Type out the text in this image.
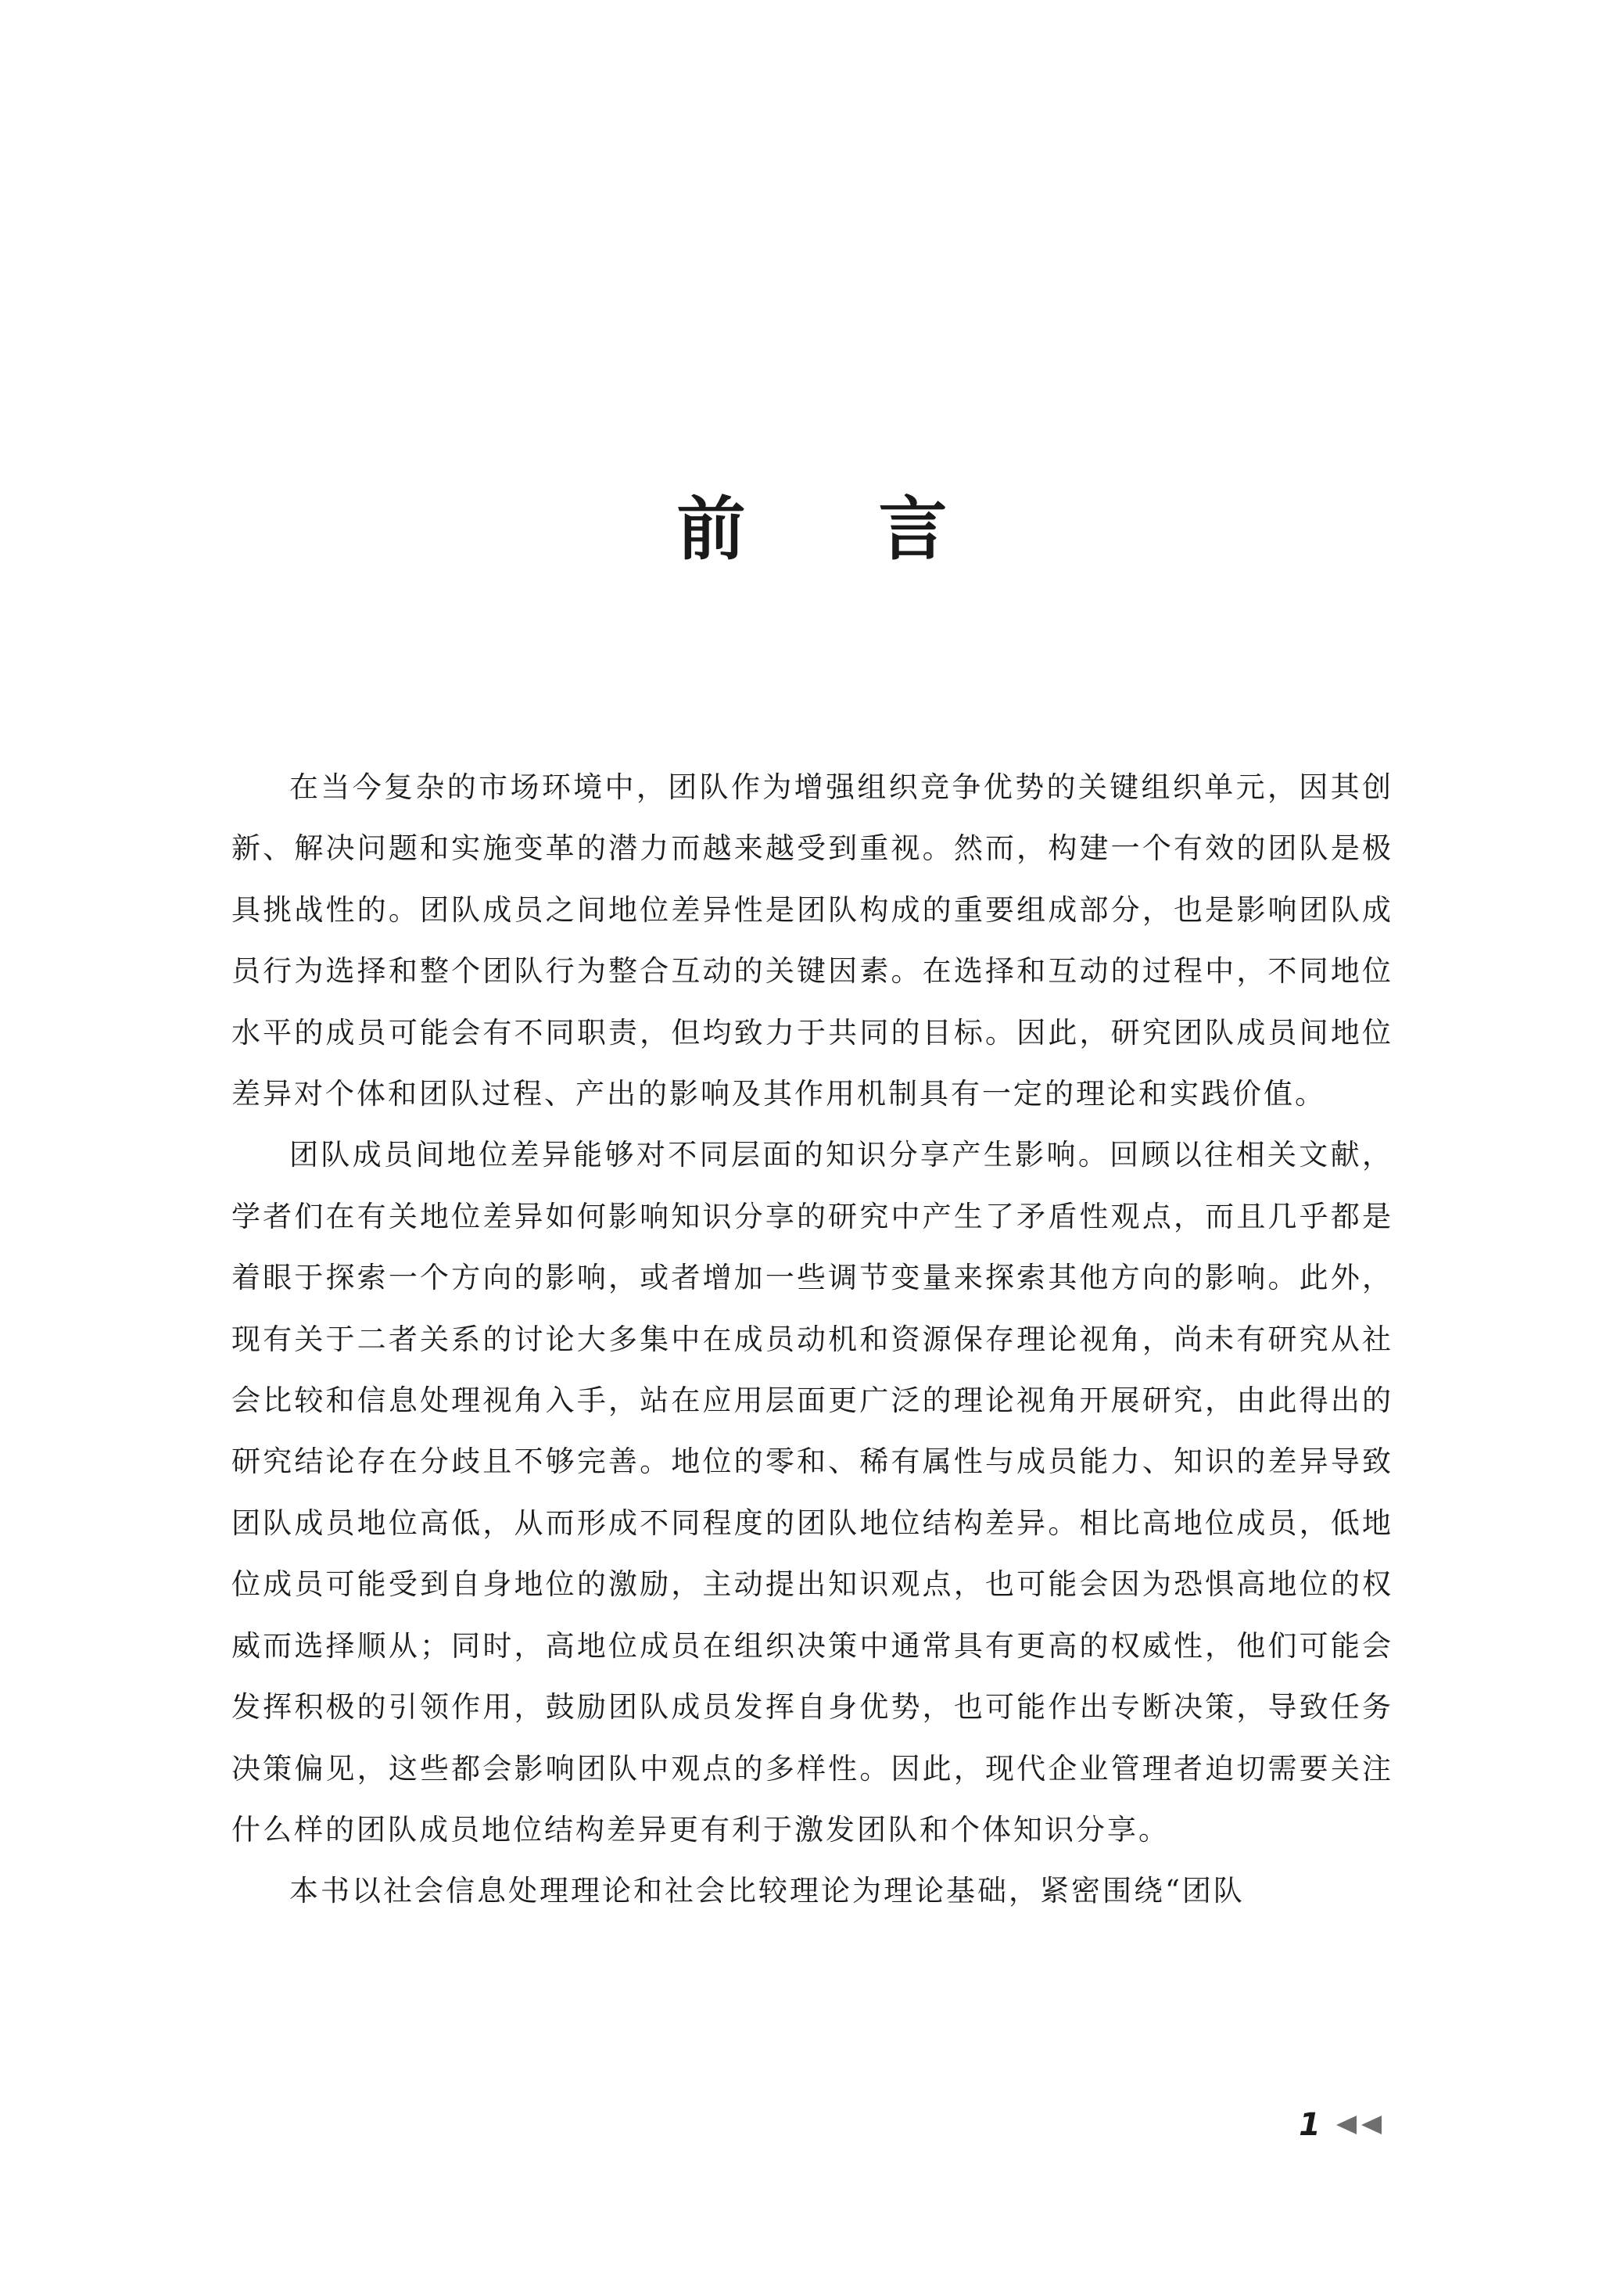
前 言

在当今复杂的市场环境中，团队作为增强组织竞争优势的关键组织单元，因其创新、解决问题和实施变革的潜力而越来越受到重视。然而，构建一个有效的团队是极具挑战性的。团队成员之间地位差异性是团队构成的重要组成部分，也是影响团队成员行为选择和整个团队行为整合互动的关键因素。在选择和互动的过程中，不同地位水平的成员可能会有不同职责，但均致力于共同的目标。因此，研究团队成员间地位差异对个体和团队过程、产出的影响及其作用机制具有一定的理论和实践价值。

团队成员间地位差异能够对不同层面的知识分享产生影响。回顾以往相关文献，学者们在有关地位差异如何影响知识分享的研究中产生了矛盾性观点，而且几乎都是着眼于探索一个方向的影响，或者增加一些调节变量来探索其他方向的影响。此外，现有关于二者关系的讨论大多集中在成员动机和资源保存理论视角，尚未有研究从社会比较和信息处理视角入手，站在应用层面更广泛的理论视角开展研究，由此得出的研究结论存在分歧且不够完善。地位的零和、稀有属性与成员能力、知识的差异导致团队成员地位高低，从而形成不同程度的团队地位结构差异。相比高地位成员，低地位成员可能受到自身地位的激励，主动提出知识观点，也可能会因为恐惧高地位的权威而选择顺从；同时，高地位成员在组织决策中通常具有更高的权威性，他们可能会发挥积极的引领作用，鼓励团队成员发挥自身优势，也可能作出专断决策，导致任务决策偏见，这些都会影响团队中观点的多样性。因此，现代企业管理者迫切需要关注什么样的团队成员地位结构差异更有利于激发团队和个体知识分享。

本书以社会信息处理理论和社会比较理论为理论基础，紧密围绕“团队

1
